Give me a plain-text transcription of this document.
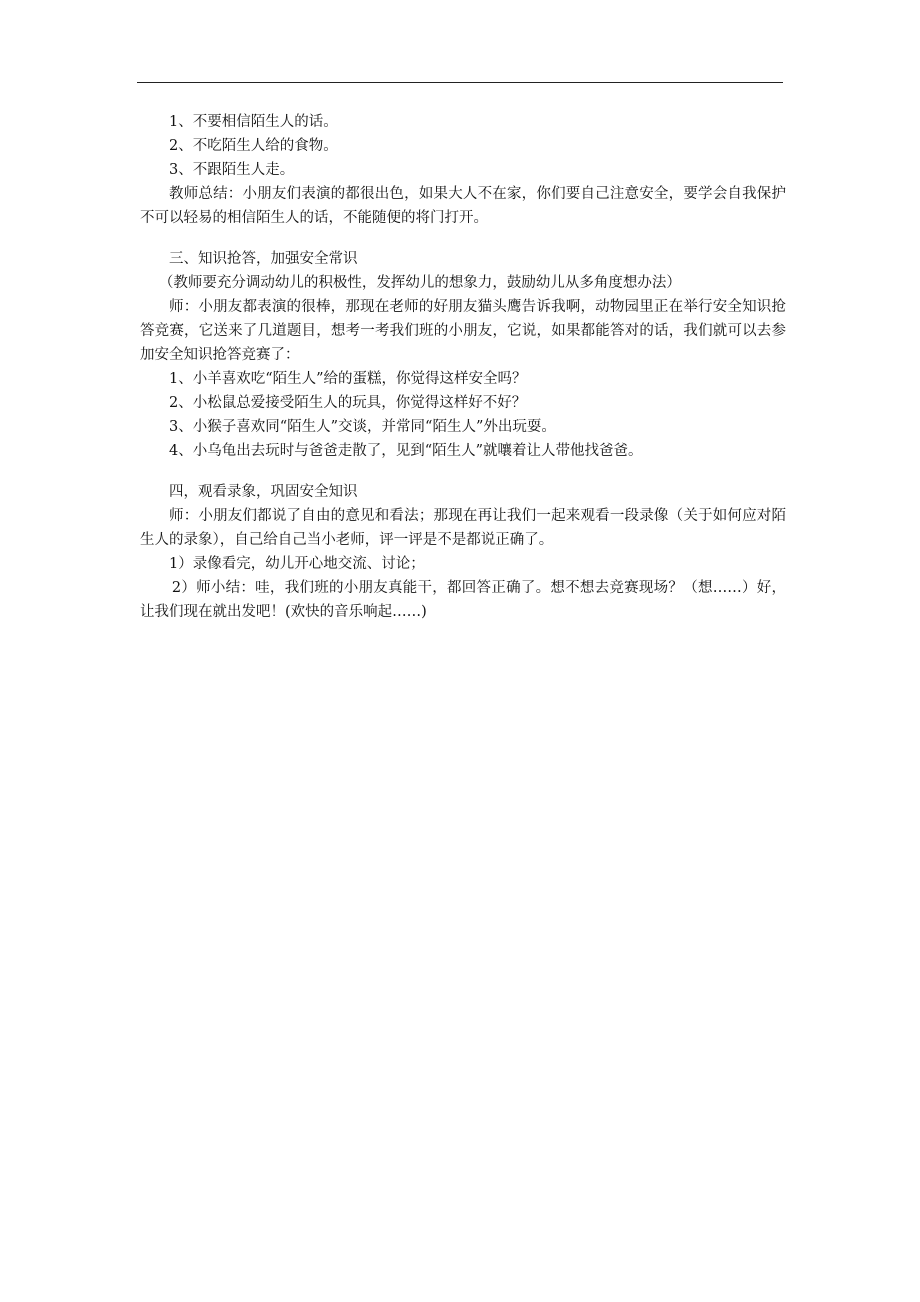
1、不要相信陌生人的话。

2、不吃陌生人给的食物。

3、不跟陌生人走。

教师总结：小朋友们表演的都很出色，如果大人不在家，你们要自己注意安全，要学会自我保护不可以轻易的相信陌生人的话，不能随便的将门打开。

三、知识抢答，加强安全常识

（教师要充分调动幼儿的积极性，发挥幼儿的想象力，鼓励幼儿从多角度想办法）

师：小朋友都表演的很棒，那现在老师的好朋友猫头鹰告诉我啊，动物园里正在举行安全知识抢答竞赛，它送来了几道题目，想考一考我们班的小朋友，它说，如果都能答对的话，我们就可以去参加安全知识抢答竞赛了：

1、小羊喜欢吃“陌生人”给的蛋糕，你觉得这样安全吗？

2、小松鼠总爱接受陌生人的玩具，你觉得这样好不好？

3、小猴子喜欢同“陌生人”交谈，并常同“陌生人”外出玩耍。

4、小乌龟出去玩时与爸爸走散了，见到“陌生人”就嚷着让人带他找爸爸。

四，观看录象，巩固安全知识

师：小朋友们都说了自由的意见和看法；那现在再让我们一起来观看一段录像（关于如何应对陌生人的录象），自己给自己当小老师，评一评是不是都说正确了。

1）录像看完，幼儿开心地交流、讨论；

2）师小结：哇，我们班的小朋友真能干，都回答正确了。想不想去竞赛现场？（想……）好，让我们现在就出发吧！(欢快的音乐响起……)
